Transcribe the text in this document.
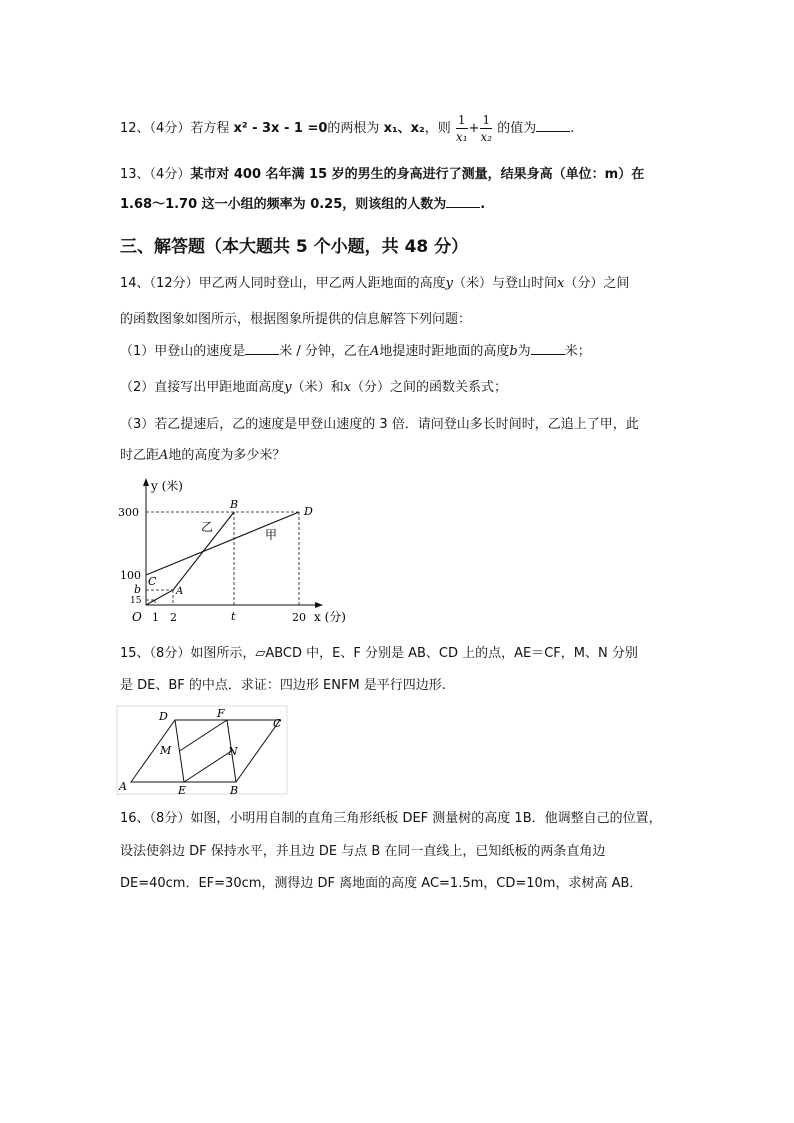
12、（4分）若方程 x² - 3x - 1 =0的两根为 x₁、x₂，则 $\frac{1}{\text{x₁}} + \frac{1}{\text{x₂}}$ 的值为	.
13、（4分）某市对 400 名年满 15 岁的男生的身高进行了测量，结果身高（单位：m）在
1.68～1.70 这一小组的频率为 0.25，则该组的人数为	.
三、解答题（本大题共 5 个小题，共 48 分）
14、（12分）甲乙两人同时登山，甲乙两人距地面的高度y（米）与登山时间x（分）之间
的函数图象如图所示，根据图象所提供的信息解答下列问题：
（1）甲登山的速度是	米 / 分钟，乙在A地提速时距地面的高度b为	米；
（2）直接写出甲距地面高度y（米）和x（分）之间的函数关系式；
（3）若乙提速后，乙的速度是甲登山速度的 3 倍．请问登山多长时间时，乙追上了甲，此
时乙距A地的高度为多少米？
y (米)
x (分)
O
300
100
b
15
1 2	t	20
B
D
C
A
乙
甲
15、（8分）如图所示，▱ABCD 中，E、F 分别是 AB、CD 上的点，AE＝CF，M、N 分别
是 DE、BF 的中点．求证：四边形 ENFM 是平行四边形.
A	B
C
D
E
F
M	N
16、（8分）如图，小明用自制的直角三角形纸板 DEF 测量树的高度 1B．他调整自己的位置，
设法使斜边 DF 保持水平，并且边 DE 与点 B 在同一直线上，已知纸板的两条直角边
DE=40cm．EF=30cm，测得边 DF 离地面的高度 AC=1.5m，CD=10m，求树高 AB．
